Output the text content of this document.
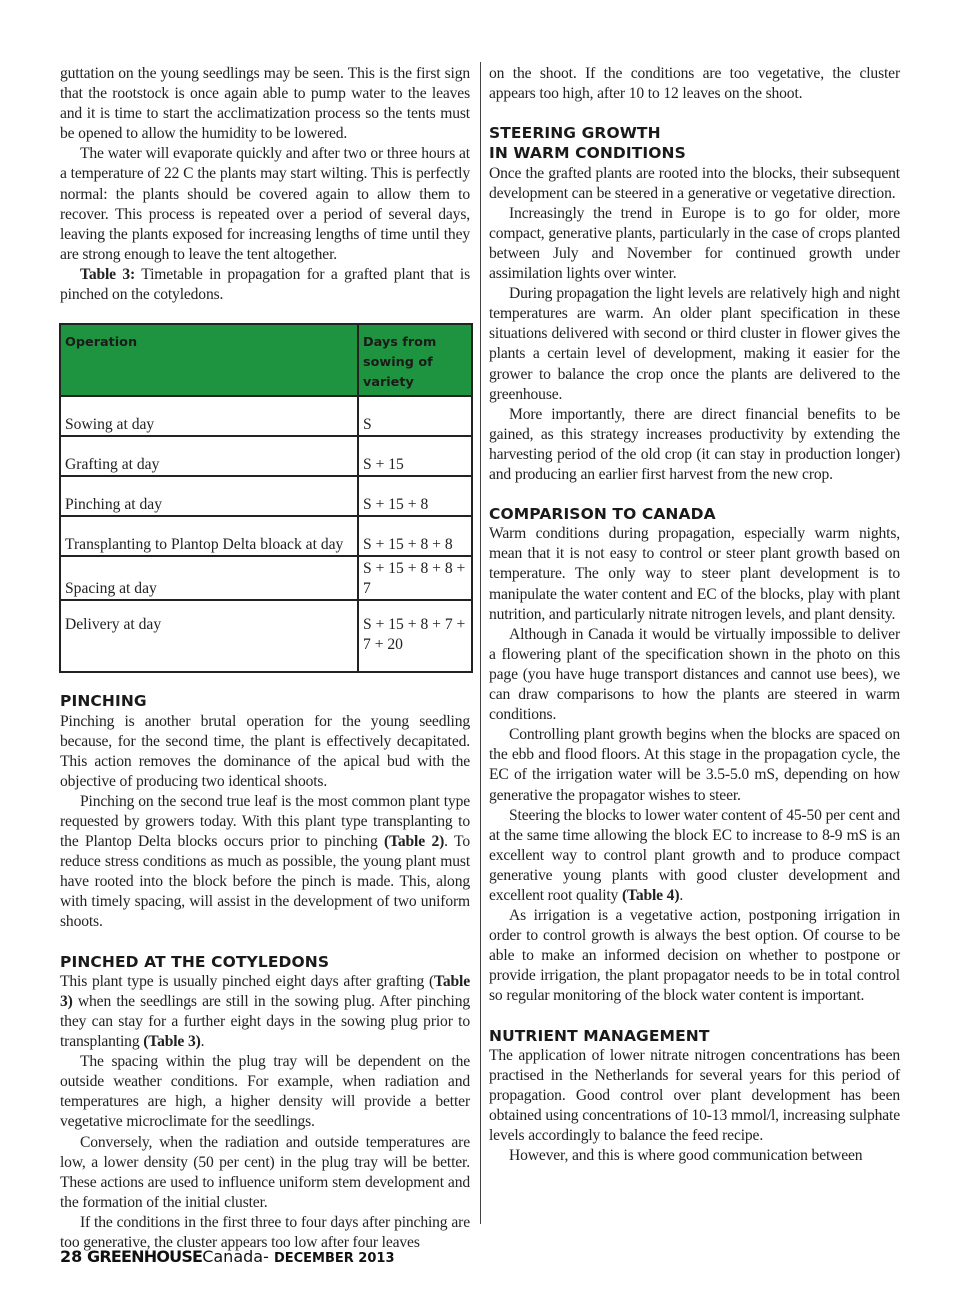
guttation on the young seedlings may be seen. This is the first sign that the rootstock is once again able to pump water to the leaves and it is time to start the acclimatization process so the tents must be opened to allow the humidity to be lowered.

The water will evaporate quickly and after two or three hours at a temperature of 22 C the plants may start wilting. This is perfectly normal: the plants should be covered again to allow them to recover. This process is repeated over a period of several days, leaving the plants exposed for increasing lengths of time until they are strong enough to leave the tent altogether.

Table 3: Timetable in propagation for a grafted plant that is pinched on the cotyledons.

Operation	Days from sowing of variety
Sowing at day	S
Grafting at day	S + 15
Pinching at day	S + 15 + 8
Transplanting to Plantop Delta bloack at day	S + 15 + 8 + 8
Spacing at day	S + 15 + 8 + 8 + 7
Delivery at day	S + 15 + 8 + 7 + 7 + 20
PINCHING

Pinching is another brutal operation for the young seedling because, for the second time, the plant is effectively decapitated. This action removes the dominance of the apical bud with the objective of producing two identical shoots.

Pinching on the second true leaf is the most common plant type requested by growers today. With this plant type transplanting to the Plantop Delta blocks occurs prior to pinching (Table 2). To reduce stress conditions as much as possible, the young plant must have rooted into the block before the pinch is made. This, along with timely spacing, will assist in the development of two uniform shoots.

PINCHED AT THE COTYLEDONS

This plant type is usually pinched eight days after grafting (Table 3) when the seedlings are still in the sowing plug. After pinching they can stay for a further eight days in the sowing plug prior to transplanting (Table 3).

The spacing within the plug tray will be dependent on the outside weather conditions. For example, when radiation and temperatures are high, a higher density will provide a better vegetative microclimate for the seedlings.

Conversely, when the radiation and outside temperatures are low, a lower density (50 per cent) in the plug tray will be better. These actions are used to influence uniform stem development and the formation of the initial cluster.

If the conditions in the first three to four days after pinching are too generative, the cluster appears too low after four leaves

on the shoot. If the conditions are too vegetative, the cluster appears too high, after 10 to 12 leaves on the shoot.

STEERING GROWTH
IN WARM CONDITIONS

Once the grafted plants are rooted into the blocks, their subsequent development can be steered in a generative or vegetative direction.

Increasingly the trend in Europe is to go for older, more compact, generative plants, particularly in the case of crops planted between July and November for continued growth under assimilation lights over winter.

During propagation the light levels are relatively high and night temperatures are warm. An older plant specification in these situations delivered with second or third cluster in flower gives the plants a certain level of development, making it easier for the grower to balance the crop once the plants are delivered to the greenhouse.

More importantly, there are direct financial benefits to be gained, as this strategy increases productivity by extending the harvesting period of the old crop (it can stay in production longer) and producing an earlier first harvest from the new crop.

COMPARISON TO CANADA

Warm conditions during propagation, especially warm nights, mean that it is not easy to control or steer plant growth based on temperature. The only way to steer plant development is to manipulate the water content and EC of the blocks, play with plant nutrition, and particularly nitrate nitrogen levels, and plant density.

Although in Canada it would be virtually impossible to deliver a flowering plant of the specification shown in the photo on this page (you have huge transport distances and cannot use bees), we can draw comparisons to how the plants are steered in warm conditions.

Controlling plant growth begins when the blocks are spaced on the ebb and flood floors. At this stage in the propagation cycle, the EC of the irrigation water will be 3.5-5.0 mS, depending on how generative the propagator wishes to steer.

Steering the blocks to lower water content of 45-50 per cent and at the same time allowing the block EC to increase to 8-9 mS is an excellent way to control plant growth and to produce compact generative young plants with good cluster development and excellent root quality (Table 4).

As irrigation is a vegetative action, postponing irrigation in order to control growth is always the best option. Of course to be able to make an informed decision on whether to postpone or provide irrigation, the plant propagator needs to be in total control so regular monitoring of the block water content is important.

NUTRIENT MANAGEMENT

The application of lower nitrate nitrogen concentrations has been practised in the Netherlands for several years for this period of propagation. Good control over plant development has been obtained using concentrations of 10-13 mmol/l, increasing sulphate levels accordingly to balance the feed recipe.

However, and this is where good communication between

28 GREENHOUSECanada- DECEMBER 2013
